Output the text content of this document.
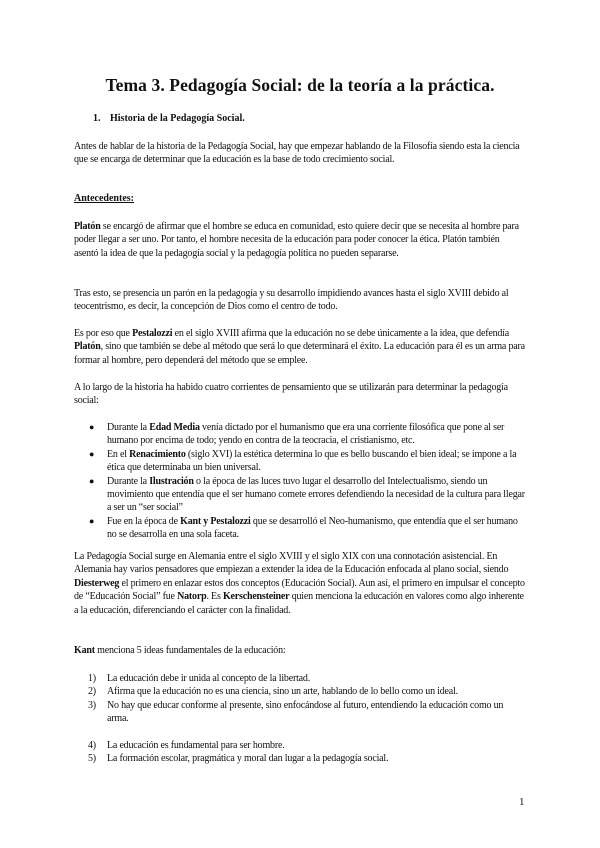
Tema 3. Pedagogía Social: de la teoría a la práctica.
1. Historia de la Pedagogía Social.
Antes de hablar de la historia de la Pedagogía Social, hay que empezar hablando de la Filosofía siendo esta la ciencia que se encarga de determinar que la educación es la base de todo crecimiento social.
Antecedentes:
Platón se encargó de afirmar que el hombre se educa en comunidad, esto quiere decir que se necesita al hombre para poder llegar a ser uno. Por tanto, el hombre necesita de la educación para poder conocer la ética. Platón también asentó la idea de que la pedagogía social y la pedagogía política no pueden separarse.
Tras esto, se presencia un parón en la pedagogía y su desarrollo impidiendo avances hasta el siglo XVIII debido al teocentrismo, es decir, la concepción de Dios como el centro de todo.
Es por eso que Pestalozzi en el siglo XVIII afirma que la educación no se debe únicamente a la idea, que defendía Platón, sino que también se debe al método que será lo que determinará el éxito. La educación para él es un arma para formar al hombre, pero dependerá del método que se emplee.
A lo largo de la historia ha habido cuatro corrientes de pensamiento que se utilizarán para determinar la pedagogía social:
● Durante la Edad Media venía dictado por el humanismo que era una corriente filosófica que pone al ser humano por encima de todo; yendo en contra de la teocracia, el cristianismo, etc.
● En el Renacimiento (siglo XVI) la estética determina lo que es bello buscando el bien ideal; se impone a la ética que determinaba un bien universal.
● Durante la Ilustración o la época de las luces tuvo lugar el desarrollo del Intelectualismo, siendo un movimiento que entendía que el ser humano comete errores defendiendo la necesidad de la cultura para llegar a ser un “ser social”
● Fue en la época de Kant y Pestalozzi que se desarrolló el Neo-humanismo, que entendía que el ser humano no se desarrolla en una sola faceta.
La Pedagogía Social surge en Alemania entre el siglo XVIII y el siglo XIX con una connotación asistencial. En Alemania hay varios pensadores que empiezan a extender la idea de la Educación enfocada al plano social, siendo Diesterweg el primero en enlazar estos dos conceptos (Educación Social). Aun así, el primero en impulsar el concepto de “Educación Social” fue Natorp. Es Kerschensteiner quien menciona la educación en valores como algo inherente a la educación, diferenciando el carácter con la finalidad.
Kant menciona 5 ideas fundamentales de la educación:
1) La educación debe ir unida al concepto de la libertad.
2) Afirma que la educación no es una ciencia, sino un arte, hablando de lo bello como un ideal.
3) No hay que educar conforme al presente, sino enfocándose al futuro, entendiendo la educación como un arma.
4) La educación es fundamental para ser hombre.
5) La formación escolar, pragmática y moral dan lugar a la pedagogía social.
1
